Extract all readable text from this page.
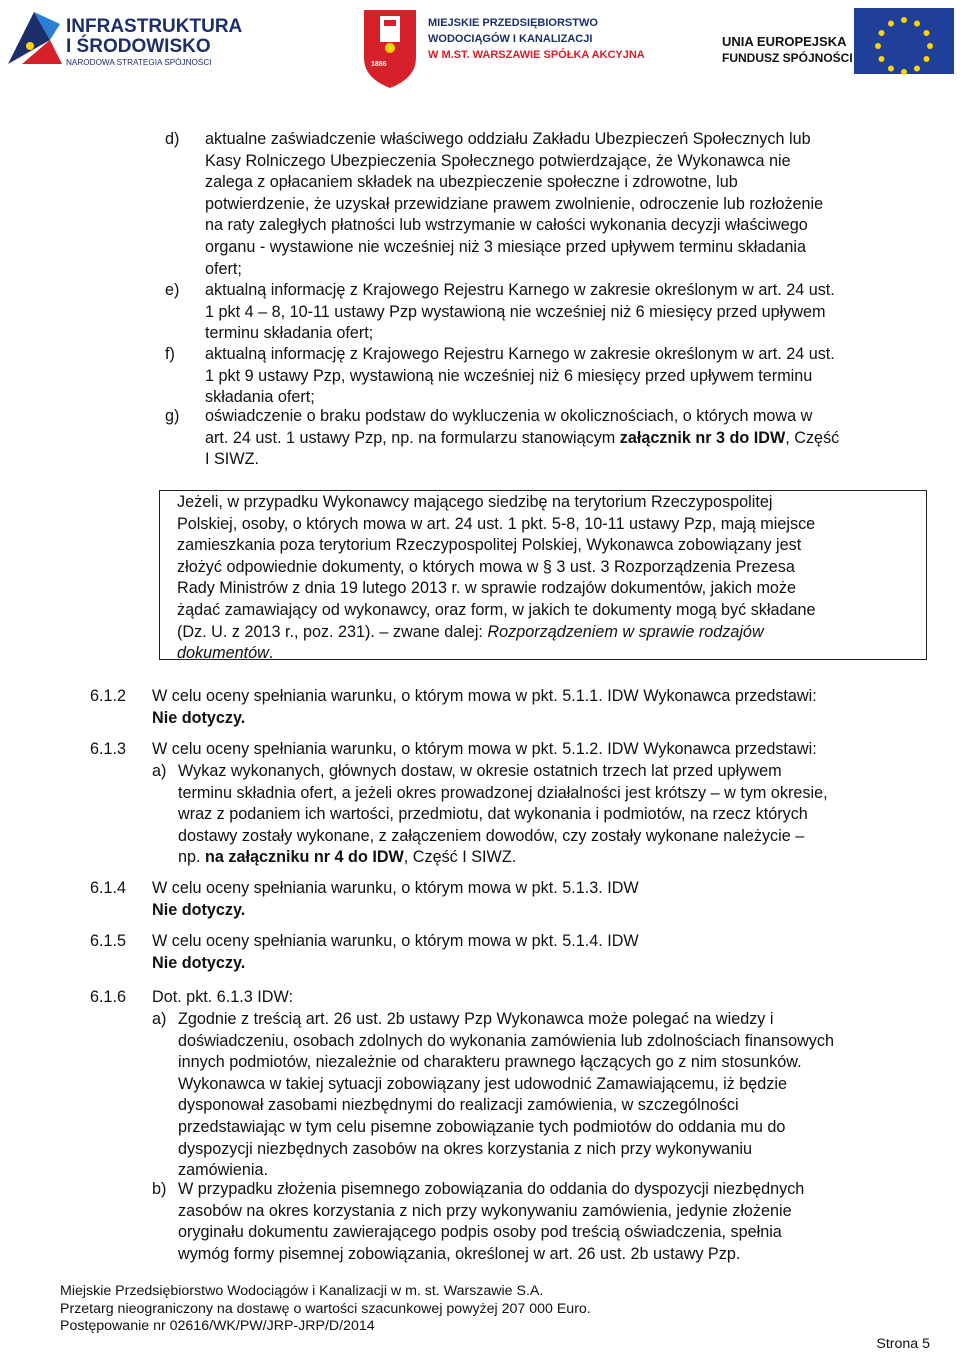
INFRASTRUKTURA
I ŚRODOWISKO
NARODOWA STRATEGIA SPÓJNOŚCI	1886
MIEJSKIE PRZEDSIĘBIORSTWO
WODOCIĄGÓW I KANALIZACJI
W M.ST. WARSZAWIE SPÓŁKA AKCYJNA
UNIA EUROPEJSKA
FUNDUSZ SPÓJNOŚCI
d) aktualne zaświadczenie właściwego oddziału Zakładu Ubezpieczeń Społecznych lub
Kasy Rolniczego Ubezpieczenia Społecznego potwierdzające, że Wykonawca nie
zalega z opłacaniem składek na ubezpieczenie społeczne i zdrowotne, lub
potwierdzenie, że uzyskał przewidziane prawem zwolnienie, odroczenie lub rozłożenie
na raty zaległych płatności lub wstrzymanie w całości wykonania decyzji właściwego
organu - wystawione nie wcześniej niż 3 miesiące przed upływem terminu składania
ofert;
e) aktualną informację z Krajowego Rejestru Karnego w zakresie określonym w art. 24 ust.
1 pkt 4 – 8, 10-11 ustawy Pzp wystawioną nie wcześniej niż 6 miesięcy przed upływem
terminu składania ofert;
f) aktualną informację z Krajowego Rejestru Karnego w zakresie określonym w art. 24 ust.
1 pkt 9 ustawy Pzp, wystawioną nie wcześniej niż 6 miesięcy przed upływem terminu
składania ofert;
g) oświadczenie o braku podstaw do wykluczenia w okolicznościach, o których mowa w
art. 24 ust. 1 ustawy Pzp, np. na formularzu stanowiącym załącznik nr 3 do IDW, Część
I SIWZ.
Jeżeli, w przypadku Wykonawcy mającego siedzibę na terytorium Rzeczypospolitej
Polskiej, osoby, o których mowa w art. 24 ust. 1 pkt. 5-8, 10-11 ustawy Pzp, mają miejsce
zamieszkania poza terytorium Rzeczypospolitej Polskiej, Wykonawca zobowiązany jest
złożyć odpowiednie dokumenty, o których mowa w § 3 ust. 3 Rozporządzenia Prezesa
Rady Ministrów z dnia 19 lutego 2013 r. w sprawie rodzajów dokumentów, jakich może
żądać zamawiający od wykonawcy, oraz form, w jakich te dokumenty mogą być składane
(Dz. U. z 2013 r., poz. 231). – zwane dalej: Rozporządzeniem w sprawie rodzajów
dokumentów.
6.1.2 W celu oceny spełniania warunku, o którym mowa w pkt. 5.1.1. IDW Wykonawca przedstawi:
Nie dotyczy.
6.1.3 W celu oceny spełniania warunku, o którym mowa w pkt. 5.1.2. IDW Wykonawca przedstawi:
a) Wykaz wykonanych, głównych dostaw, w okresie ostatnich trzech lat przed upływem
terminu składnia ofert, a jeżeli okres prowadzonej działalności jest krótszy – w tym okresie,
wraz z podaniem ich wartości, przedmiotu, dat wykonania i podmiotów, na rzecz których
dostawy zostały wykonane, z załączeniem dowodów, czy zostały wykonane należycie –
np. na załączniku nr 4 do IDW, Część I SIWZ.
6.1.4 W celu oceny spełniania warunku, o którym mowa w pkt. 5.1.3. IDW
Nie dotyczy.
6.1.5 W celu oceny spełniania warunku, o którym mowa w pkt. 5.1.4. IDW
Nie dotyczy.
6.1.6 Dot. pkt. 6.1.3 IDW:
a) Zgodnie z treścią art. 26 ust. 2b ustawy Pzp Wykonawca może polegać na wiedzy i
doświadczeniu, osobach zdolnych do wykonania zamówienia lub zdolnościach finansowych
innych podmiotów, niezależnie od charakteru prawnego łączących go z nim stosunków.
Wykonawca w takiej sytuacji zobowiązany jest udowodnić Zamawiającemu, iż będzie
dysponował zasobami niezbędnymi do realizacji zamówienia, w szczególności
przedstawiając w tym celu pisemne zobowiązanie tych podmiotów do oddania mu do
dyspozycji niezbędnych zasobów na okres korzystania z nich przy wykonywaniu
zamówienia.
b) W przypadku złożenia pisemnego zobowiązania do oddania do dyspozycji niezbędnych
zasobów na okres korzystania z nich przy wykonywaniu zamówienia, jedynie złożenie
oryginału dokumentu zawierającego podpis osoby pod treścią oświadczenia, spełnia
wymóg formy pisemnej zobowiązania, określonej w art. 26 ust. 2b ustawy Pzp.
Miejskie Przedsiębiorstwo Wodociągów i Kanalizacji w m. st. Warszawie S.A.
Przetarg nieograniczony na dostawę o wartości szacunkowej powyżej 207 000 Euro.
Postępowanie nr 02616/WK/PW/JRP-JRP/D/2014
Strona 5
